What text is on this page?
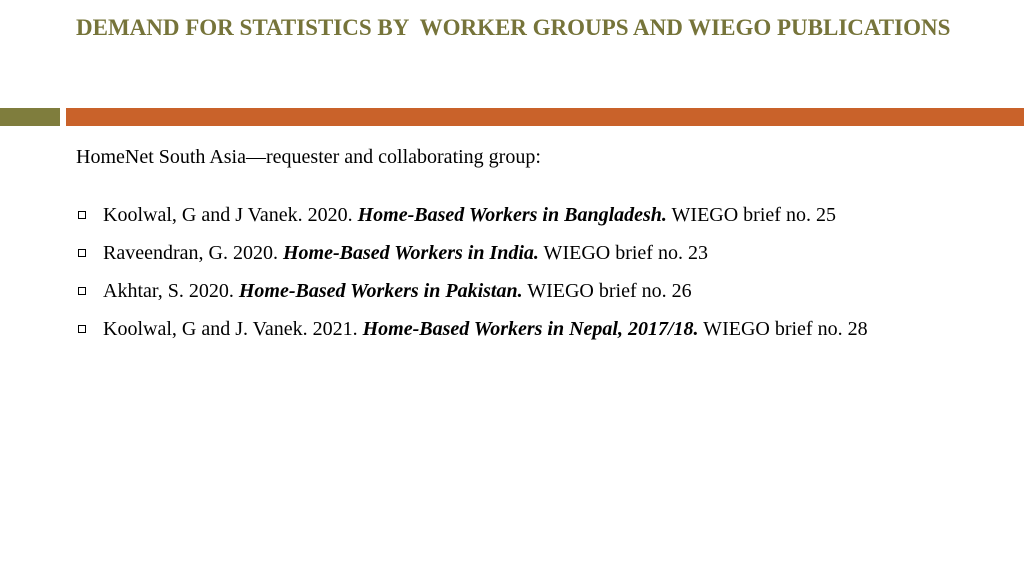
DEMAND FOR STATISTICS BY  WORKER GROUPS AND WIEGO PUBLICATIONS

HomeNet South Asia—requester and collaborating group:

Koolwal, G and J Vanek. 2020. Home-Based Workers in Bangladesh. WIEGO brief no. 25
Raveendran, G. 2020. Home-Based Workers in India. WIEGO brief no. 23
Akhtar, S. 2020. Home-Based Workers in Pakistan. WIEGO brief no. 26
Koolwal, G and J. Vanek. 2021. Home-Based Workers in Nepal, 2017/18. WIEGO brief no. 28
